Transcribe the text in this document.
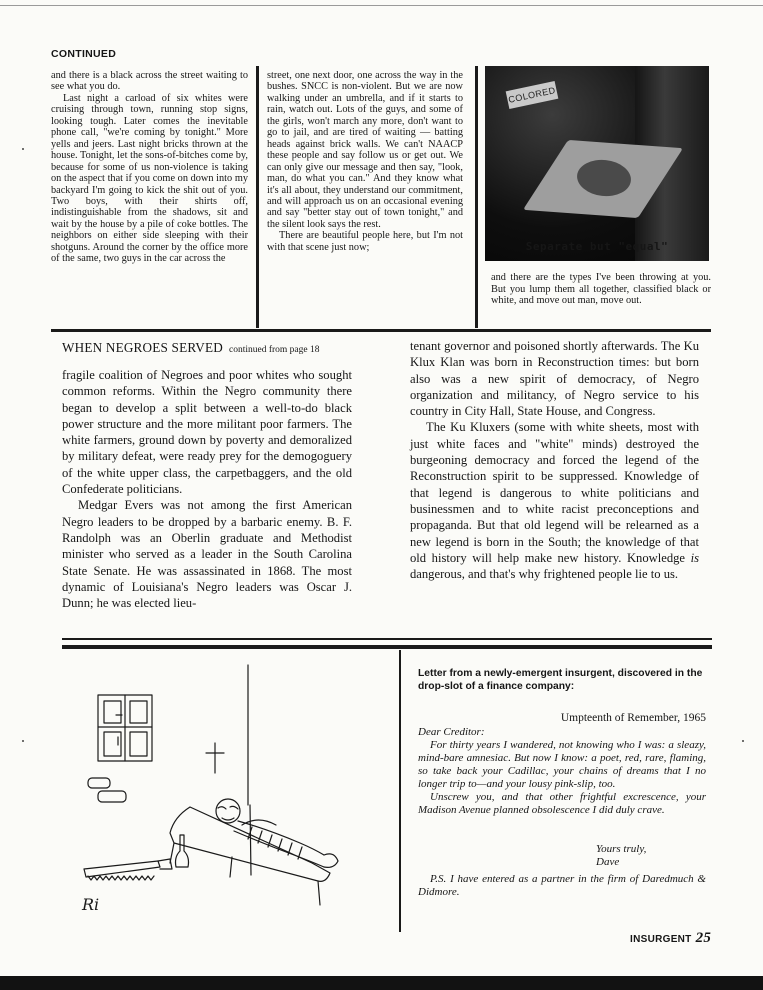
CONTINUED

and there is a black across the street waiting to see what you do.

Last night a carload of six whites were cruising through town, running stop signs, looking tough. Later comes the inevitable phone call, "we're coming by tonight." More yells and jeers. Last night bricks thrown at the house. Tonight, let the sons-of-bitches come by, because for some of us non-violence is taking on the aspect that if you come on down into my backyard I'm going to kick the shit out of you. Two boys, with their shirts off, indistinguishable from the shadows, sit and wait by the house by a pile of coke bottles. The neighbors on either side sleeping with their shotguns. Around the corner by the office more of the same, two guys in the car across the

street, one next door, one across the way in the bushes. SNCC is non-violent. But we are now walking under an umbrella, and if it starts to rain, watch out. Lots of the guys, and some of the girls, won't march any more, don't want to go to jail, and are tired of waiting — batting heads against brick walls. We can't NAACP these people and say follow us or get out. We can only give our message and then say, "look, man, do what you can." And they know what it's all about, they understand our commitment, and will approach us on an occasional evening and say "better stay out of town tonight," and the silent look says the rest.

There are beautiful people here, but I'm not with that scene just now;

COLORED
Separate but "equal"
and there are the types I've been throwing at you. But you lump them all together, classified black or white, and move out man, move out.
WHEN NEGROES SERVED continued from page 18

fragile coalition of Negroes and poor whites who sought common reforms. Within the Negro community there began to develop a split between a well-to-do black power structure and the more militant poor farmers. The white farmers, ground down by poverty and demoralized by military defeat, were ready prey for the demogoguery of the white upper class, the carpetbaggers, and the old Confederate politicians.

Medgar Evers was not among the first American Negro leaders to be dropped by a barbaric enemy. B. F. Randolph was an Oberlin graduate and Methodist minister who served as a leader in the South Carolina State Senate. He was assassinated in 1868. The most dynamic of Louisiana's Negro leaders was Oscar J. Dunn; he was elected lieu-

tenant governor and poisoned shortly afterwards. The Ku Klux Klan was born in Reconstruction times: but born also was a new spirit of democracy, of Negro organization and militancy, of Negro service to his country in City Hall, State House, and Congress.

The Ku Kluxers (some with white sheets, most with just white faces and "white" minds) destroyed the burgeoning democracy and forced the legend of the Reconstruction spirit to be suppressed. Knowledge of that legend is dangerous to white politicians and businessmen and to white racist preconceptions and propaganda. But that old legend will be relearned as a new legend is born in the South; the knowledge of that old history will help make new history. Knowledge is dangerous, and that's why frightened people lie to us.

Ri
Letter from a newly-emergent insurgent, discovered in the drop-slot of a finance company:
Umpteenth of Remember, 1965

Dear Creditor:

For thirty years I wandered, not knowing who I was: a sleazy, mind-bare amnesiac. But now I know: a poet, red, rare, flaming, so take back your Cadillac, your chains of dreams that I no longer trip to—and your lousy pink-slip, too.

Unscrew you, and that other frightful excrescence, your Madison Avenue planned obsolescence I did duly crave.

Yours truly,
Dave
P.S. I have entered as a partner in the firm of Daredmuch & Didmore.
INSURGENT 25
